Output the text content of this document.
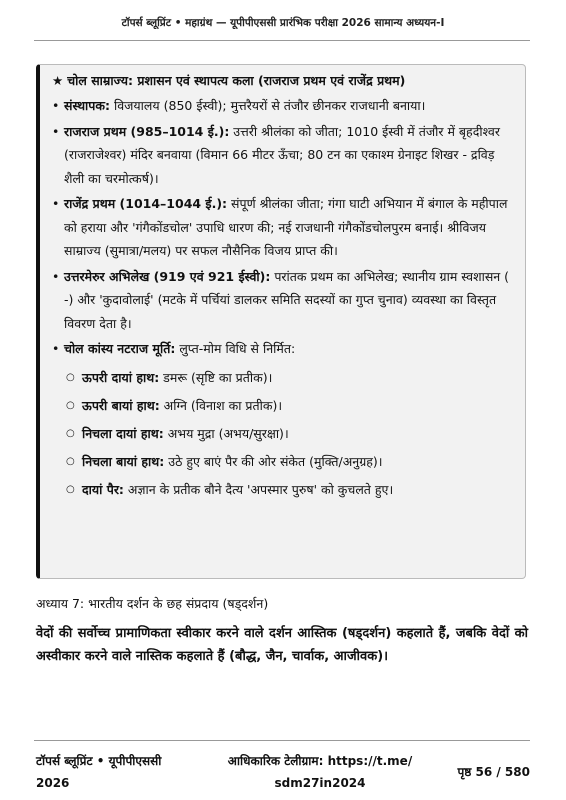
टॉपर्स ब्लूप्रिंट • महाग्रंथ — यूपीपीएससी प्रारंभिक परीक्षा 2026 सामान्य अध्ययन-I
★ चोल साम्राज्य: प्रशासन एवं स्थापत्य कला (राजराज प्रथम एवं राजेंद्र प्रथम)
• संस्थापक: विजयालय (850 ईस्वी); मुत्तरैयरों से तंजौर छीनकर राजधानी बनाया।
• राजराज प्रथम (985–1014 ई.): उत्तरी श्रीलंका को जीता; 1010 ईस्वी में तंजौर में बृहदीश्वर (राजराजेश्वर) मंदिर बनवाया (विमान 66 मीटर ऊँचा; 80 टन का एकाश्म ग्रेनाइट शिखर - द्रविड़ शैली का चरमोत्कर्ष)।
• राजेंद्र प्रथम (1014–1044 ई.): संपूर्ण श्रीलंका जीता; गंगा घाटी अभियान में बंगाल के महीपाल को हराया और 'गंगैकोंडचोल' उपाधि धारण की; नई राजधानी गंगैकोंडचोलपुरम बनाई। श्रीविजय साम्राज्य (सुमात्रा/मलय) पर सफल नौसैनिक विजय प्राप्त की।
• उत्तरमेरुर अभिलेख (919 एवं 921 ईस्वी): परांतक प्रथम का अभिलेख; स्थानीय ग्राम स्वशासन ( -) और 'कुदावोलाई' (मटके में पर्चियां डालकर समिति सदस्यों का गुप्त चुनाव) व्यवस्था का विस्तृत विवरण देता है।
• चोल कांस्य नटराज मूर्ति: लुप्त-मोम विधि से निर्मित:
○ ऊपरी दायां हाथ: डमरू (सृष्टि का प्रतीक)।
○ ऊपरी बायां हाथ: अग्नि (विनाश का प्रतीक)।
○ निचला दायां हाथ: अभय मुद्रा (अभय/सुरक्षा)।
○ निचला बायां हाथ: उठे हुए बाएं पैर की ओर संकेत (मुक्ति/अनुग्रह)।
○ दायां पैर: अज्ञान के प्रतीक बौने दैत्य 'अपस्मार पुरुष' को कुचलते हुए।
अध्याय 7: भारतीय दर्शन के छह संप्रदाय (षड्दर्शन)
वेदों की सर्वोच्च प्रामाणिकता स्वीकार करने वाले दर्शन आस्तिक (षड्दर्शन) कहलाते हैं, जबकि वेदों को अस्वीकार करने वाले नास्तिक कहलाते हैं (बौद्ध, जैन, चार्वाक, आजीवक)।
टॉपर्स ब्लूप्रिंट • यूपीपीएससी
2026
आधिकारिक टेलीग्राम: https://t.me/
sdm27in2024
पृष्ठ 56 / 580
